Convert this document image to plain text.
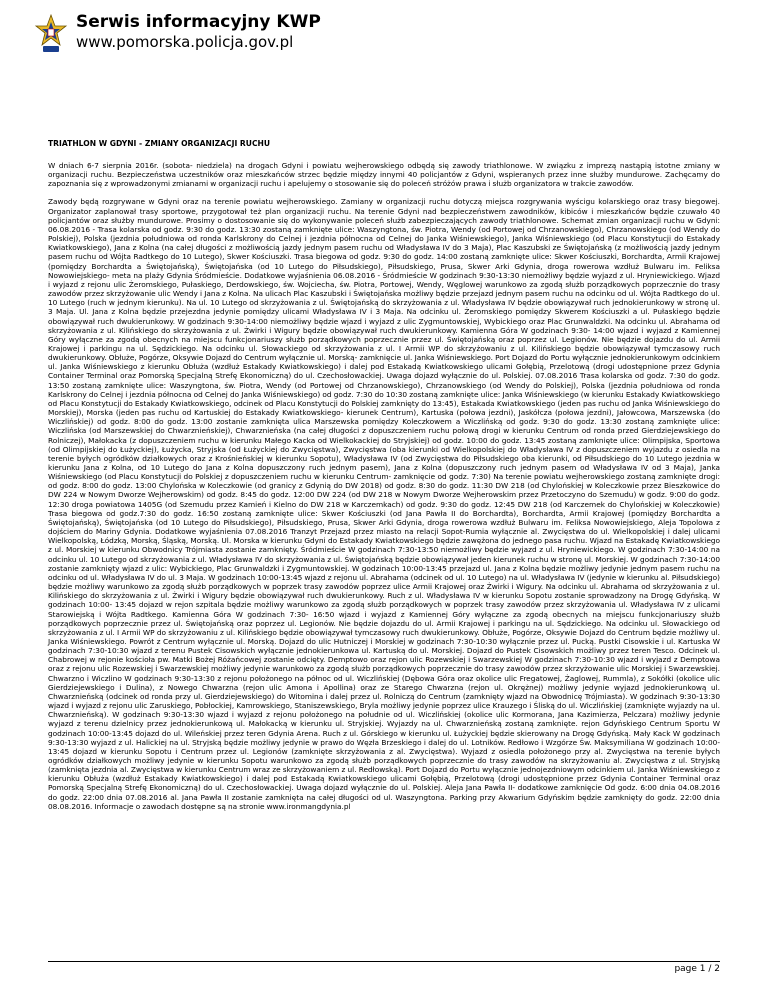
Serwis informacyjny KWP
www.pomorska.policja.gov.pl
TRIATHLON W GDYNI - ZMIANY ORGANIZACJI RUCHU

W dniach 6-7 sierpnia 2016r. (sobota- niedziela) na drogach Gdyni i powiatu wejherowskiego odbędą się zawody triathlonowe. W związku z imprezą nastąpią istotne zmiany w organizacji ruchu. Bezpieczeństwa uczestników oraz mieszkańców strzec będzie między innymi 40 policjantów z Gdyni, wspieranych przez inne służby mundurowe. Zachęcamy do zapoznania się z wprowadzonymi zmianami w organizacji ruchu i apelujemy o stosowanie się do poleceń stróżów prawa i służb organizatora w trakcie zawodów.

Zawody będą rozgrywane w Gdyni oraz na terenie powiatu wejherowskiego. Zamiany w organizacji ruchu dotyczą miejsca rozgrywania wyścigu kolarskiego oraz trasy biegowej. Organizator zaplanował trasy sportowe, przygotował też plan organizacji ruchu. Na terenie Gdyni nad bezpieczeństwem zawodników, kibiców i mieszkańców będzie czuwało 40 policjantów oraz służby mundurowe. Prosimy o dostosowanie się do wykonywanie poleceń służb zabezpieczających zawody triathlonowe. Schemat zmian organizacji ruchu w Gdyni: 06.08.2016 - Trasa kolarska od godz. 9:30 do godz. 13:30 zostaną zamknięte ulice: Waszyngtona, św. Piotra, Wendy (od Portowej od Chrzanowskiego), Chrzanowskiego (od Wendy do Polskiej), Polska (jezdnia południowa od ronda Karlskrony do Celnej i jezdnia północna od Celnej do Janka Wiśniewskiego), Janka Wiśniewskiego (od Placu Konstytucji do Estakady Kwiatkowskiego), Jana z Kolna (na całej długości z możliwością jazdy jednym pasem ruchu od Władysława IV do 3 Maja), Plac Kaszubski ze Świętojańską (z możliwością jazdy jednym pasem ruchu od Wójta Radtkego do 10 Lutego), Skwer Kościuszki. Trasa biegowa od godz. 9:30 do godz. 14:00 zostaną zamknięte ulice: Skwer Kościuszki, Borchardta, Armii Krajowej (pomiędzy Borchardta a Świętojańską), Świętojańska (od 10 Lutego do Piłsudskiego), Piłsudskiego, Prusa, Skwer Arki Gdynia, droga rowerowa wzdłuż Bulwaru im. Feliksa Nowowiejskiego- meta na plaży Gdynia Śródmieście. Dodatkowe wyjaśnienia 06.08.2016 - Śródmieście W godzinach 9:30-13:30 niemożliwy będzie wyjazd z ul. Hryniewickiego. Wjazd i wyjazd z rejonu ulic Żeromskiego, Pułaskiego, Derdowskiego, św. Wojciecha, św. Piotra, Portowej, Wendy, Węglowej warunkowo za zgodą służb porządkowych poprzecznie do trasy zawodów przez skrzyżowanie ulic Wendy i Jana z Kolna. Na ulicach Plac Kaszubski i Świętojańska możliwy będzie przejazd jednym pasem ruchu na odcinku od ul. Wójta Radtkego do ul. 10 Lutego (ruch w jednym kierunku). Na ul. 10 Lutego od skrzyżowania z ul. Świętojańską do skrzyżowania z ul. Władysława IV będzie obowiązywał ruch jednokierunkowy w stronę ul. 3 Maja. Ul. Jana z Kolna będzie przejezdna jedynie pomiędzy ulicami Władysława IV i 3 Maja. Na odcinku ul. Żeromskiego pomiędzy Skwerem Kościuszki a ul. Pułaskiego będzie obowiązywał ruch dwukierunkowy. W godzinach 9:30-14:00 niemożliwy będzie wjazd i wyjazd z ulic Zygmuntowskiej, Wybickiego oraz Plac Grunwaldzki. Na odcinku ul. Abrahama od skrzyżowania z ul. Kilińskiego do skrzyżowania z ul. Żwirki i Wigury będzie obowiązywał ruch dwukierunkowy. Kamienna Góra W godzinach 9:30- 14:00 wjazd i wyjazd z Kamiennej Góry wyłączne za zgodą obecnych na miejscu funkcjonariuszy służb porządkowych poprzecznie przez ul. Świętojańską oraz poprzez ul. Legionów. Nie będzie dojazdu do ul. Armii Krajowej i parkingu na ul. Sędzickiego. Na odcinku ul. Słowackiego od skrzyżowania z ul. I Armii WP do skrzyżowaniu z ul. Kilińskiego będzie obowiązywał tymczasowy ruch dwukierunkowy. Obłuże, Pogórze, Oksywie Dojazd do Centrum wyłącznie ul. Morską- zamknięcie ul. Janka Wiśniewskiego. Port Dojazd do Portu wyłącznie jednokierunkowym odcinkiem ul. Janka Wiśniewskiego z kierunku Obłuża (wzdłuż Estakady Kwiatkowskiego) i dalej pod Estakadą Kwiatkowskiego ulicami Gołębią, Przelotową (drogi udostępnione przez Gdynia Container Terminal oraz Pomorską Specjalną Strefę Ekonomiczną) do ul. Czechosłowackiej. Uwaga dojazd wyłącznie do ul. Polskiej. 07.08.2016 Trasa kolarska od godz. 7:30 do godz. 13:50 zostaną zamknięte ulice: Waszyngtona, św. Piotra, Wendy (od Portowej od Chrzanowskiego), Chrzanowskiego (od Wendy do Polskiej), Polska (jezdnia południowa od ronda Karlskrony do Celnej i jezdnia północna od Celnej do Janka Wiśniewskiego) od godz. 7:30 do 10:30 zostaną zamknięte ulice: Janka Wiśniewskiego (w kierunku Estakady Kwiatkowskiego od Placu Konstytucji do Estakady Kwiatkowskiego, odcinek od Placu Konstytucji do Polskiej zamknięty do 13:45), Estakada Kwiatkowskiego (jeden pas ruchu od Janka Wiśniewskiego do Morskiej), Morska (jeden pas ruchu od Kartuskiej do Estakady Kwiatkowskiego- kierunek Centrum), Kartuska (połowa jezdni), Jaskółcza (połowa jezdni), Jałowcowa, Marszewska (do Wiczlińskiej) od godz. 8:00 do godz. 13:00 zostanie zamknięta ulica Marszewska pomiędzy Koleczkowem a Wiczlińską od godz. 9:30 do godz. 13:30 zostaną zamknięte ulice: Wiczlińska (od Marszewskiej do Chwarznieńskiej), Chwarznieńska (na całej długości z dopuszczeniem ruchu połową drogi w kierunku Centrum od ronda przed Gierdziejewskiego do Rolniczej), Małokacka (z dopuszczeniem ruchu w kierunku Małego Kacka od Wielkokackiej do Stryjskiej) od godz. 10:00 do godz. 13:45 zostaną zamknięte ulice: Olimpijska, Sportowa (od Olimpijskiej do Łużyckiej), Łużycka, Stryjska (od Łużyckiej do Zwycięstwa), Zwycięstwa (oba kierunki od Wielkopolskiej do Władysława IV z dopuszczeniem wyjazdu z osiedla na terenie byłych ogródków działkowych oraz z Krośnieńskiej w kierunku Sopotu), Władysława IV (od Zwycięstwa do Piłsudskiego oba kierunki, od Piłsudskiego do 10 Lutego jezdnia w kierunku Jana z Kolna, od 10 Lutego do Jana z Kolna dopuszczony ruch jednym pasem), Jana z Kolna (dopuszczony ruch jednym pasem od Władysława IV od 3 Maja), Janka Wiśniewskiego (od Placu Konstytucji do Polskiej z dopuszczeniem ruchu w kierunku Centrum- zamknięcie od godz. 7:30) Na terenie powiatu wejherowskiego zostaną zamknięte drogi: od godz. 8:00 do godz. 13:00 Chylońska w Koleczkowie (od granicy z Gdynią do DW 2018) od godz. 8:30 do godz. 11:30 DW 218 (od Chylońskiej w Koleczkowie przez Bieszkowice do DW 224 w Nowym Dworze Wejherowskim) od godz. 8:45 do godz. 12:00 DW 224 (od DW 218 w Nowym Dworze Wejherowskim przez Przetoczyno do Szemudu) w godz. 9:00 do godz. 12:30 droga powiatowa 1405G (od Szemudu przez Kamień i Kielno do DW 218 w Karczemkach) od godz. 9:30 do godz. 12:45 DW 218 (od Karczemek do Chylońskiej w Koleczkowie) Trasa biegowa od godz.7:30 do godz. 16:50 zostaną zamknięte ulice: Skwer Kościuszki (od Jana Pawła II do Borchardta), Borchardta, Armii Krajowej (pomiędzy Borchardta a Świętojańską), Świętojańska (od 10 Lutego do Piłsudskiego), Piłsudskiego, Prusa, Skwer Arki Gdynia, droga rowerowa wzdłuż Bulwaru im. Feliksa Nowowiejskiego, Aleja Topolowa z dojściem do Mariny Gdynia. Dodatkowe wyjaśnienia 07.08.2016 Tranzyt Przejazd przez miasto na relacji Sopot-Rumia wyłącznie al. Zwycięstwa do ul. Wielkopolskiej i dalej ulicami Wielkopolską, Łódzką, Morską, Śląską, Morską. Ul. Morska w kierunku Gdyni do Estakady Kwiatkowskiego będzie zawężona do jednego pasa ruchu. Wjazd na Estakadę Kwiatkowskiego z ul. Morskiej w kierunku Obwodnicy Trójmiasta zostanie zamknięty. Śródmieście W godzinach 7:30-13:50 niemożliwy będzie wyjazd z ul. Hryniewickiego. W godzinach 7:30-14:00 na odcinku ul. 10 Lutego od skrzyżowania z ul. Władysława IV do skrzyżowania z ul. Świętojańską będzie obowiązywał jeden kierunek ruchu w stronę ul. Morskiej. W godzinach 7:30-14:00 zostanie zamknięty wjazd z ulic: Wybickiego, Plac Grunwaldzki i Zygmuntowskiej. W godzinach 10:00-13:45 przejazd ul. Jana z Kolna będzie możliwy jedynie jednym pasem ruchu na odcinku od ul. Władysława IV do ul. 3 Maja. W godzinach 10:00-13:45 wjazd z rejonu ul. Abrahama (odcinek od ul. 10 Lutego) na ul. Władysława IV (jedynie w kierunku al. Piłsudskiego) będzie możliwy warunkowo za zgodą służb porządkowych w poprzek trasy zawodów poprzez ulice Armii Krajowej oraz Żwirki i Wigury. Na odcinku ul. Abrahama od skrzyżowania z ul. Kilińskiego do skrzyżowania z ul. Żwirki i Wigury będzie obowiązywał ruch dwukierunkowy. Ruch z ul. Władysława IV w kierunku Sopotu zostanie sprowadzony na Drogę Gdyńską. W godzinach 10:00- 13:45 dojazd w rejon szpitala będzie możliwy warunkowo za zgodą służb porządkowych w poprzek trasy zawodów przez skrzyżowania ul. Władysława IV z ulicami Starowiejską i Wójta Radtkego. Kamienna Góra W godzinach 7:30- 16:50 wjazd i wyjazd z Kamiennej Góry wyłączne za zgodą obecnych na miejscu funkcjonariuszy służb porządkowych poprzecznie przez ul. Świętojańską oraz poprzez ul. Legionów. Nie będzie dojazdu do ul. Armii Krajowej i parkingu na ul. Sędzickiego. Na odcinku ul. Słowackiego od skrzyżowania z ul. I Armii WP do skrzyżowaniu z ul. Kilińskiego będzie obowiązywał tymczasowy ruch dwukierunkowy. Obłuże, Pogórze, Oksywie Dojazd do Centrum będzie możliwy ul. Janka Wiśniewskiego. Powrót z Centrum wyłącznie ul. Morską. Dojazd do ulic Hutniczej i Morskiej w godzinach 7:30-10:30 wyłącznie przez ul. Pucką. Pustki Cisowskie i ul. Kartuska W godzinach 7:30-10:30 wjazd z terenu Pustek Cisowskich wyłącznie jednokierunkowa ul. Kartuską do ul. Morskiej. Dojazd do Pustek Cisowskich możliwy przez teren Tesco. Odcinek ul. Chabrowej w rejonie kościoła pw. Matki Bożej Różańcowej zostanie odcięty. Demptowo oraz rejon ulic Rozewskiej i Swarzewskiej W godzinach 7:30-10:30 wjazd i wyjazd z Demptowa oraz z rejonu ulic Rozewskiej i Swarzewskiej możliwy jedynie warunkowo za zgodą służb porządkowych poprzecznie do trasy zawodów przez skrzyżowanie ulic Morskiej i Swarzewskiej. Chwarzno i Wiczlino W godzinach 9:30-13:30 z rejonu położonego na północ od ul. Wiczlińskiej (Dębowa Góra oraz okolice ulic Fregatowej, Żaglowej, Rummla), z Sokółki (okolice ulic Gierdziejewskiego i Dulina), z Nowego Chwarzna (rejon ulic Amona i Apollina) oraz ze Starego Chwarzna (rejon ul. Okrężnej) możliwy jedynie wyjazd jednokierunkową ul. Chwarznieńską (odcinek od ronda przy ul. Gierdziejewskiego) do Witomina i dalej przez ul. Rolniczą do Centrum (zamknięty wjazd na Obwodnicę Trójmiasta). W godzinach 9:30-13:30 wjazd i wyjazd z rejonu ulic Zaruskiego, Pobłockiej, Kamrowskiego, Staniszewskiego, Bryla możliwy jedynie poprzez ulice Krauzego i Śliską do ul. Wiczlińskiej (zamknięte wyjazdy na ul. Chwarznieńską). W godzinach 9:30-13:30 wjazd i wyjazd z rejonu położonego na południe od ul. Wiczlińskiej (okolice ulic Kormorana, Jana Kazimierza, Pelczara) możliwy jedynie wyjazd z terenu dzielnicy przez jednokierunkową ul. Małokacką w kierunku ul. Stryjskiej. Wyjazdy na ul. Chwarznieńską zostaną zamknięte. rejon Gdyńskiego Centrum Sportu W godzinach 10:00-13:45 dojazd do ul. Wileńskiej przez teren Gdynia Arena. Ruch z ul. Górskiego w kierunku ul. Łużyckiej będzie skierowany na Drogę Gdyńską. Mały Kack W godzinach 9:30-13:30 wyjazd z ul. Halickiej na ul. Stryjską będzie możliwy jedynie w prawo do Węzła Brzeskiego i dalej do ul. Lotników. Redłowo i Wzgórze Św. Maksymiliana W godzinach 10:00-13:45 dojazd w kierunku Sopotu i Centrum przez ul. Legionów (zamknięte skrzyżowania z al. Zwycięstwa). Wyjazd z osiedla położonego przy al. Zwycięstwa na terenie byłych ogródków działkowych możliwy jedynie w kierunku Sopotu warunkowo za zgodą służb porządkowych poprzecznie do trasy zawodów na skrzyżowaniu al. Zwycięstwa z ul. Stryjską (zamknięta jezdnia al. Zwycięstwa w kierunku Centrum wraz ze skrzyżowaniem z ul. Redłowską). Port Dojazd do Portu wyłącznie jednojezdniowym odcinkiem ul. Janka Wiśniewskiego z kierunku Obłuża (wzdłuż Estakady Kwiatkowskiego) i dalej pod Estakadą Kwiatkowskiego ulicami Gołębią, Przelotową (drogi udostępnione przez Gdynia Container Terminal oraz Pomorską Specjalną Strefę Ekonomiczną) do ul. Czechosłowackiej. Uwaga dojazd wyłącznie do ul. Polskiej. Aleja Jana Pawła II- dodatkowe zamknięcie Od godz. 6:00 dnia 04.08.2016 do godz. 22:00 dnia 07.08.2016 al. Jana Pawła II zostanie zamknięta na całej długości od ul. Waszyngtona. Parking przy Akwarium Gdyńskim będzie zamknięty do godz. 22:00 dnia 08.08.2016. Informacje o zawodach dostępne są na stronie www.ironmangdynia.pl

page 1 / 2
